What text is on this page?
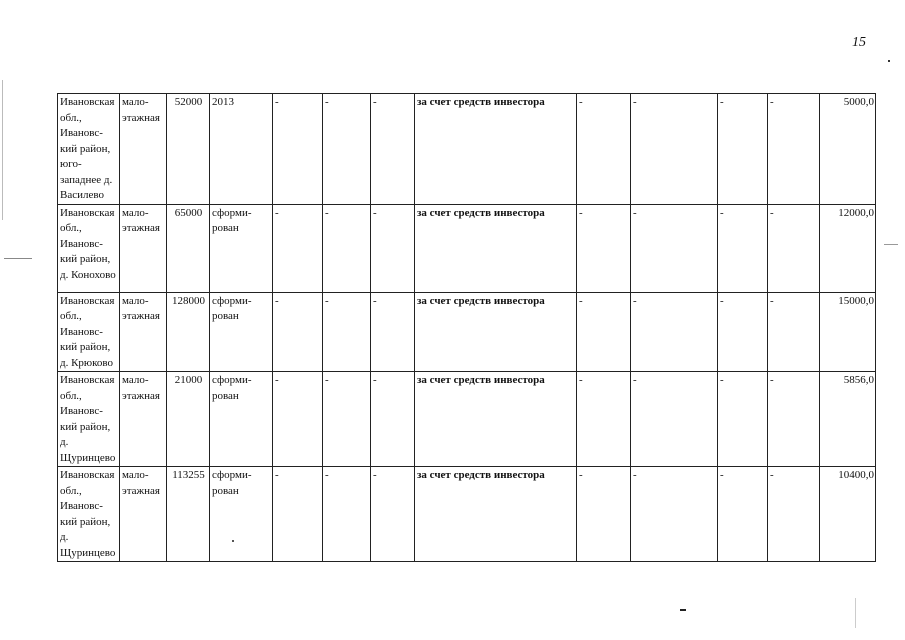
15
Ивановская обл., Ивановс-кий район, юго-западнее д. Василево	мало-этажная	52000	2013	-	-	-	за счет средств инвестора	-	-	-	-	5000,0
Ивановская обл., Ивановс-кий район, д. Конохово	мало-этажная	65000	сформи-рован	-	-	-	за счет средств инвестора	-	-	-	-	12000,0
Ивановская обл., Ивановс-кий район, д. Крюково	мало-этажная	128000	сформи-рован	-	-	-	за счет средств инвестора	-	-	-	-	15000,0
Ивановская обл., Ивановс-кий район, д. Щуринцево	мало-этажная	21000	сформи-рован	-	-	-	за счет средств инвестора	-	-	-	-	5856,0
Ивановская обл., Ивановс-кий район, д. Щуринцево	мало-этажная	113255	сформи-рован	-	-	-	за счет средств инвестора	-	-	-	-	10400,0
